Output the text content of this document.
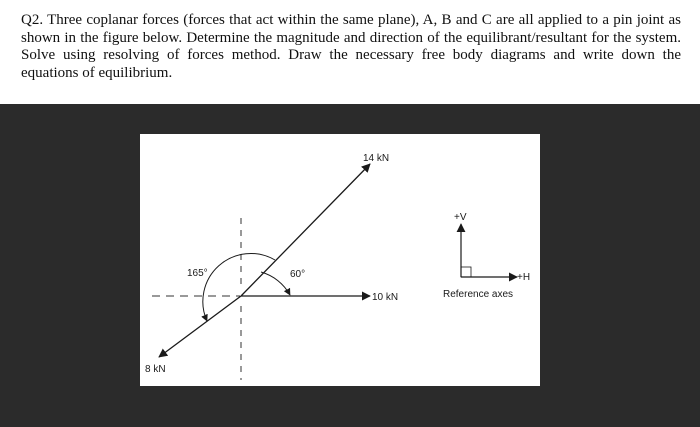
Q2. Three coplanar forces (forces that act within the same plane), A, B and C are all applied to a pin joint as shown in the figure below. Determine the magnitude and direction of the equilibrant/resultant for the system. Solve using resolving of forces method. Draw the necessary free body diagrams and write down the equations of equilibrium.

14 kN
10 kN
8 kN
165°	60°
+V
+H
Reference axes
